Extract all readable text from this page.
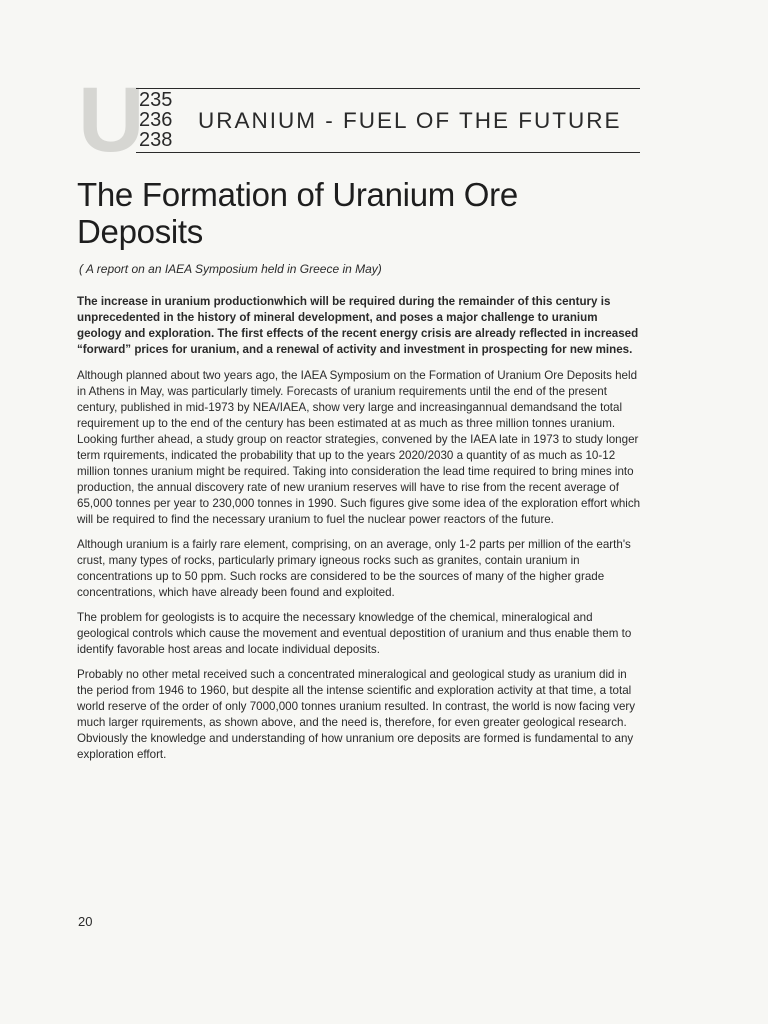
U
235
236
238
URANIUM - FUEL OF THE FUTURE
The Formation of Uranium Ore
Deposits
( A report on an IAEA Symposium held in Greece in May)

The increase in uranium productionwhich will be required during the remainder of this century is unprecedented in the history of mineral development, and poses a major challenge to uranium geology and exploration. The first effects of the recent energy crisis are already reflected in increased “forward” prices for uranium, and a renewal of activity and investment in prospecting for new mines.

Although planned about two years ago, the IAEA Symposium on the Formation of Uranium Ore Deposits held in Athens in May, was particularly timely. Forecasts of uranium requirements until the end of the present century, published in mid-1973 by NEA/IAEA, show very large and increasingannual demandsand the total requirement up to the end of the century has been estimated at as much as three million tonnes uranium. Looking further ahead, a study group on reactor strategies, convened by the IAEA late in 1973 to study longer term rquirements, indicated the probability that up to the years 2020/2030 a quantity of as much as 10-12 million tonnes uranium might be required. Taking into consideration the lead time required to bring mines into production, the annual discovery rate of new uranium reserves will have to rise from the recent average of 65,000 tonnes per year to 230,000 tonnes in 1990. Such figures give some idea of the exploration effort which will be required to find the necessary uranium to fuel the nuclear power reactors of the future.

Although uranium is a fairly rare element, comprising, on an average, only 1-2 parts per million of the earth's crust, many types of rocks, particularly primary igneous rocks such as granites, contain uranium in concentrations up to 50 ppm. Such rocks are considered to be the sources of many of the higher grade concentrations, which have already been found and exploited.

The problem for geologists is to acquire the necessary knowledge of the chemical, mineralogical and geological controls which cause the movement and eventual depostition of uranium and thus enable them to identify favorable host areas and locate individual deposits.

Probably no other metal received such a concentrated mineralogical and geological study as uranium did in the period from 1946 to 1960, but despite all the intense scientific and exploration activity at that time, a total world reserve of the order of only 7000,000 tonnes uranium resulted. In contrast, the world is now facing very much larger rquirements, as shown above, and the need is, therefore, for even greater geological research. Obviously the knowledge and understanding of how unranium ore deposits are formed is fundamental to any exploration effort.

20
